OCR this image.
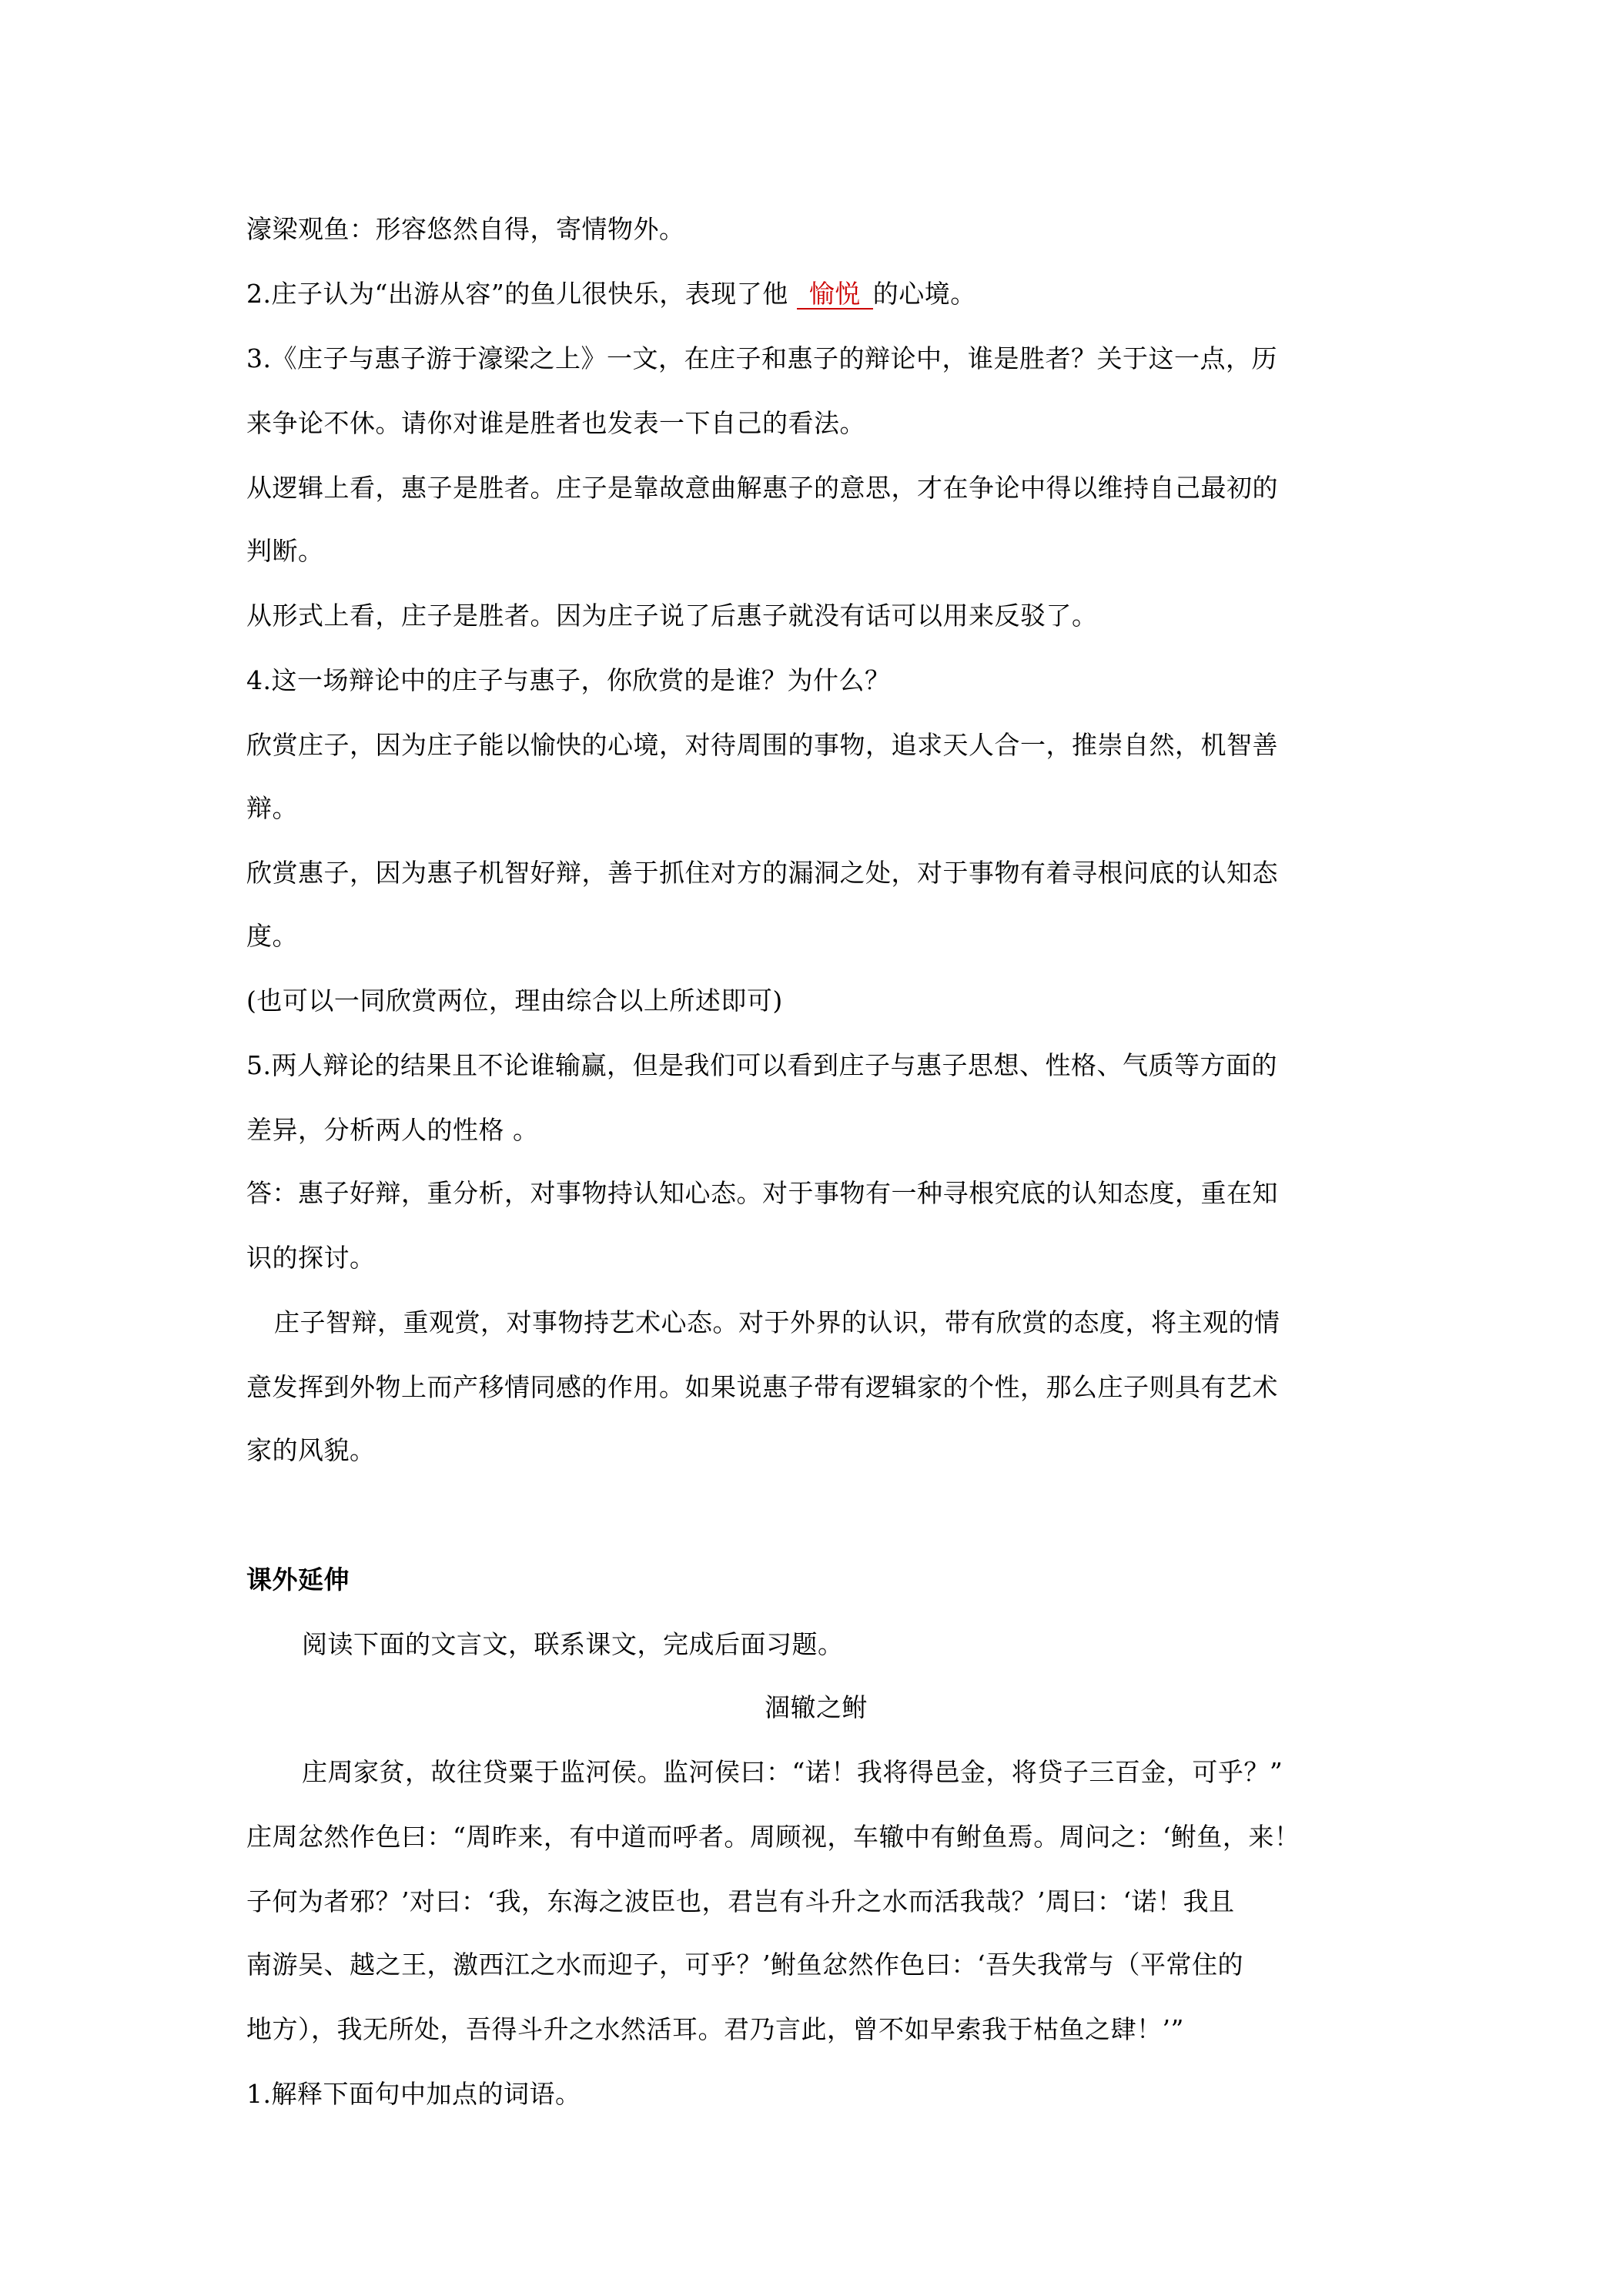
濠梁观鱼：形容悠然自得，寄情物外。
2.庄子认为“出游从容”的鱼儿很快乐，表现了他 愉悦 的心境。
3.《庄子与惠子游于濠梁之上》一文，在庄子和惠子的辩论中，谁是胜者？关于这一点，历
来争论不休。请你对谁是胜者也发表一下自己的看法。
从逻辑上看，惠子是胜者。庄子是靠故意曲解惠子的意思，才在争论中得以维持自己最初的
判断。
从形式上看，庄子是胜者。因为庄子说了后惠子就没有话可以用来反驳了。
4.这一场辩论中的庄子与惠子，你欣赏的是谁？为什么？
欣赏庄子，因为庄子能以愉快的心境，对待周围的事物，追求天人合一，推崇自然，机智善
辩。
欣赏惠子，因为惠子机智好辩，善于抓住对方的漏洞之处，对于事物有着寻根问底的认知态
度。
(也可以一同欣赏两位，理由综合以上所述即可)
5.两人辩论的结果且不论谁输赢，但是我们可以看到庄子与惠子思想、性格、气质等方面的
差异，分析两人的性格 。
答：惠子好辩，重分析，对事物持认知心态。对于事物有一种寻根究底的认知态度，重在知
识的探讨。
庄子智辩，重观赏，对事物持艺术心态。对于外界的认识，带有欣赏的态度，将主观的情
意发挥到外物上而产移情同感的作用。如果说惠子带有逻辑家的个性，那么庄子则具有艺术
家的风貌。
课外延伸
阅读下面的文言文，联系课文，完成后面习题。
涸辙之鲋
庄周家贫，故往贷粟于监河侯。监河侯曰：“诺！我将得邑金，将贷子三百金，可乎？”
庄周忿然作色曰：“周昨来，有中道而呼者。周顾视，车辙中有鲋鱼焉。周问之：‘鲋鱼，来！
子何为者邪？’对曰：‘我，东海之波臣也，君岂有斗升之水而活我哉？’周曰：‘诺！我且
南游吴、越之王，激西江之水而迎子，可乎？’鲋鱼忿然作色曰：‘吾失我常与（平常住的
地方），我无所处，吾得斗升之水然活耳。君乃言此，曾不如早索我于枯鱼之肆！’”
1.解释下面句中加点的词语。
